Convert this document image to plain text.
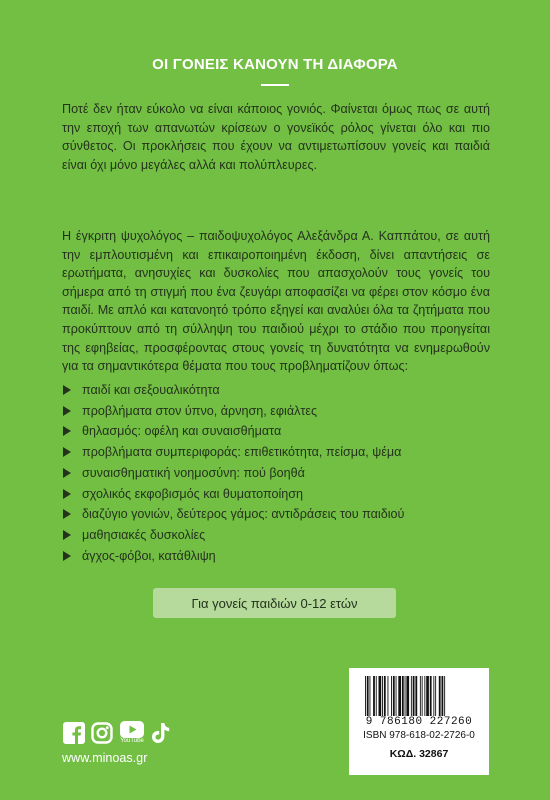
ΟΙ ΓΟΝΕΙΣ ΚΑΝΟΥΝ ΤΗ ΔΙΑΦΟΡΑ
Ποτέ δεν ήταν εύκολο να είναι κάποιος γονιός. Φαίνεται όμως πως σε αυτή την εποχή των απανωτών κρίσεων ο γονεϊκός ρόλος γίνεται όλο και πιο σύνθετος. Οι προκλήσεις που έχουν να αντιμετωπίσουν γονείς και παιδιά είναι όχι μόνο μεγάλες αλλά και πολύπλευρες.
Η έγκριτη ψυχολόγος – παιδοψυχολόγος Αλεξάνδρα Α. Καππάτου, σε αυτή την εμπλουτισμένη και επικαιροποιημένη έκδοση, δίνει απαντήσεις σε ερωτήματα, ανησυχίες και δυσκολίες που απασχολούν τους γονείς του σήμερα από τη στιγμή που ένα ζευγάρι αποφασίζει να φέρει στον κόσμο ένα παιδί. Με απλό και κατανοητό τρόπο εξηγεί και αναλύει όλα τα ζητήματα που προκύπτουν από τη σύλληψη του παιδιού μέχρι το στάδιο που προηγείται της εφηβείας, προσφέροντας στους γονείς τη δυνατότητα να ενημερωθούν για τα σημαντικότερα θέματα που τους προβληματίζουν όπως:
παιδί και σεξουαλικότητα
προβλήματα στον ύπνο, άρνηση, εφιάλτες
θηλασμός: οφέλη και συναισθήματα
προβλήματα συμπεριφοράς: επιθετικότητα, πείσμα, ψέμα
συναισθηματική νοημοσύνη: πού βοηθά
σχολικός εκφοβισμός και θυματοποίηση
διαζύγιο γονιών, δεύτερος γάμος: αντιδράσεις του παιδιού
μαθησιακές δυσκολίες
άγχος-φόβοι, κατάθλιψη
Για γονείς παιδιών 0-12 ετών
YouTube
www.minoas.gr
9 786180 227260
ISBN 978-618-02-2726-0
ΚΩΔ. 32867
